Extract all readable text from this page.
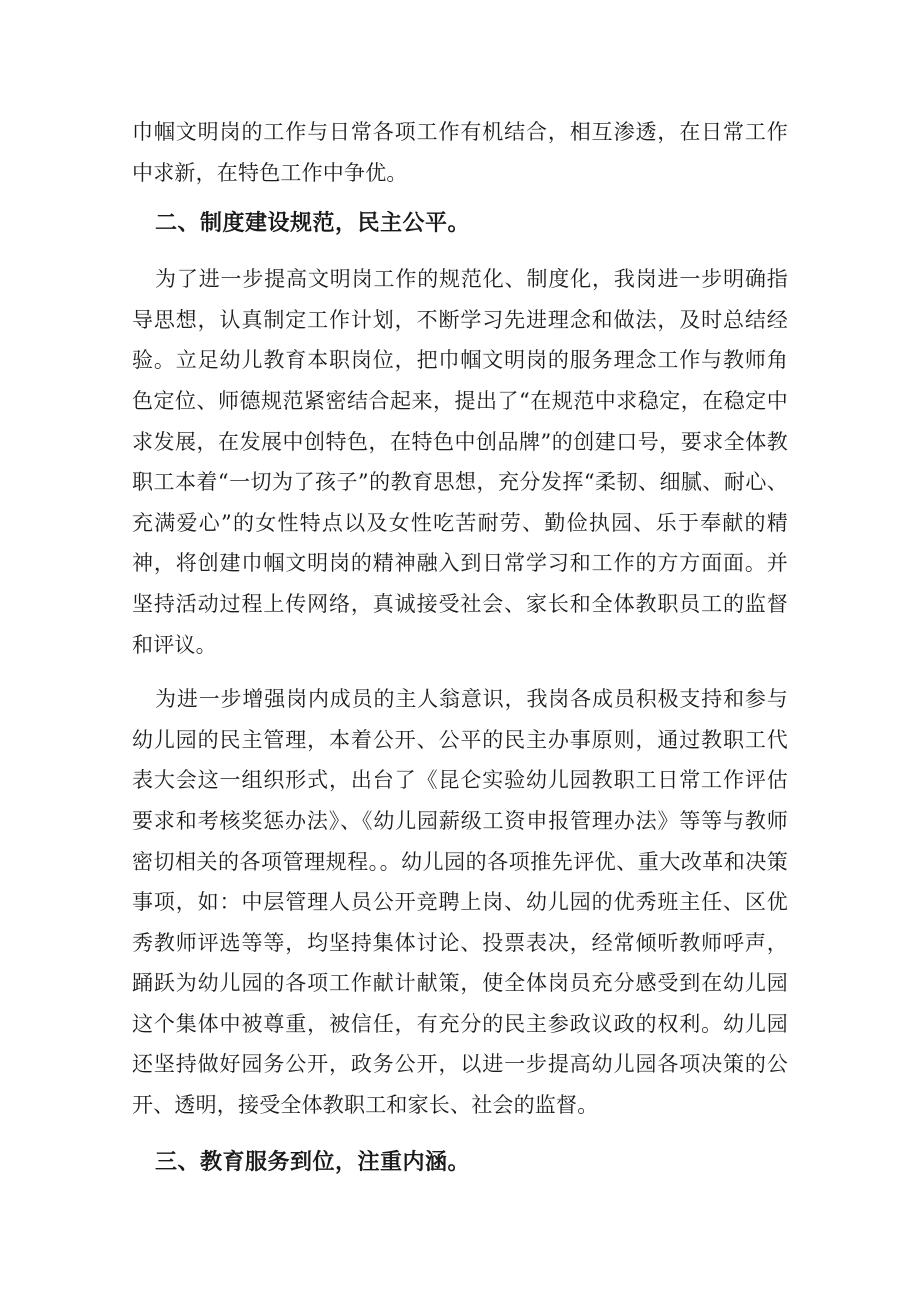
巾帼文明岗的工作与日常各项工作有机结合，相互渗透，在日常工作中求新，在特色工作中争优。

二、制度建设规范，民主公平。

为了进一步提高文明岗工作的规范化、制度化，我岗进一步明确指导思想，认真制定工作计划，不断学习先进理念和做法，及时总结经验。立足幼儿教育本职岗位，把巾帼文明岗的服务理念工作与教师角色定位、师德规范紧密结合起来，提出了“在规范中求稳定，在稳定中求发展，在发展中创特色，在特色中创品牌”的创建口号，要求全体教职工本着“一切为了孩子”的教育思想，充分发挥“柔韧、细腻、耐心、充满爱心”的女性特点以及女性吃苦耐劳、勤俭执园、乐于奉献的精神，将创建巾帼文明岗的精神融入到日常学习和工作的方方面面。并坚持活动过程上传网络，真诚接受社会、家长和全体教职员工的监督和评议。

为进一步增强岗内成员的主人翁意识，我岗各成员积极支持和参与幼儿园的民主管理，本着公开、公平的民主办事原则，通过教职工代表大会这一组织形式，出台了《昆仑实验幼儿园教职工日常工作评估要求和考核奖惩办法》、《幼儿园薪级工资申报管理办法》等等与教师密切相关的各项管理规程。。幼儿园的各项推先评优、重大改革和决策事项，如：中层管理人员公开竞聘上岗、幼儿园的优秀班主任、区优秀教师评选等等，均坚持集体讨论、投票表决，经常倾听教师呼声，踊跃为幼儿园的各项工作献计献策，使全体岗员充分感受到在幼儿园这个集体中被尊重，被信任，有充分的民主参政议政的权利。幼儿园还坚持做好园务公开，政务公开，以进一步提高幼儿园各项决策的公开、透明，接受全体教职工和家长、社会的监督。

三、教育服务到位，注重内涵。
